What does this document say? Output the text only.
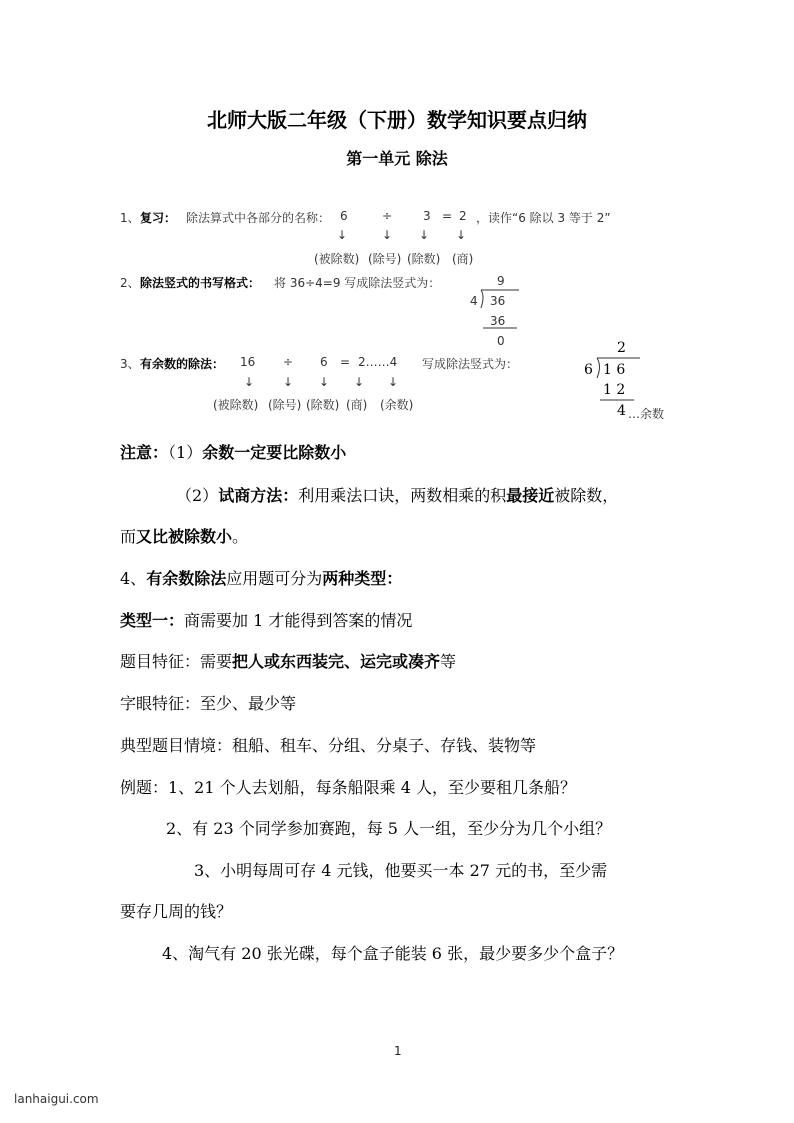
北师大版二年级（下册）数学知识要点归纳
第一单元 除法
1、 复习： 除法算式中各部分的名称： 6	÷	3 = 2 ，读作“6 除以 3 等于 2”
↓	↓ ↓ ↓
(被除数) (除号) (除数) (商)
2、 除法竖式的书写格式： 将 36÷4=9 写成除法竖式为：	9
4 36
36
0
3、 有余数的除法： 16 ÷ 6 = 2……4 写成除法竖式为：
↓ ↓ ↓ ↓ ↓
(被除数) (除号) (除数) (商) (余数)
2
6 1 6
1 2
4 …余数
注意：（1）余数一定要比除数小
（2）试商方法：利用乘法口诀，两数相乘的积最接近被除数，
而又比被除数小。
4、有余数除法应用题可分为两种类型：
类型一：商需要加 1 才能得到答案的情况
题目特征：需要把人或东西装完、运完或凑齐等
字眼特征：至少、最少等
典型题目情境：租船、租车、分组、分桌子、存钱、装物等
例题：1、21 个人去划船，每条船限乘 4 人，至少要租几条船？
2、有 23 个同学参加赛跑，每 5 人一组，至少分为几个小组？
3、小明每周可存 4 元钱，他要买一本 27 元的书，至少需
要存几周的钱？
4、淘气有 20 张光碟，每个盒子能装 6 张，最少要多少个盒子？
1
lanhaigui.com
